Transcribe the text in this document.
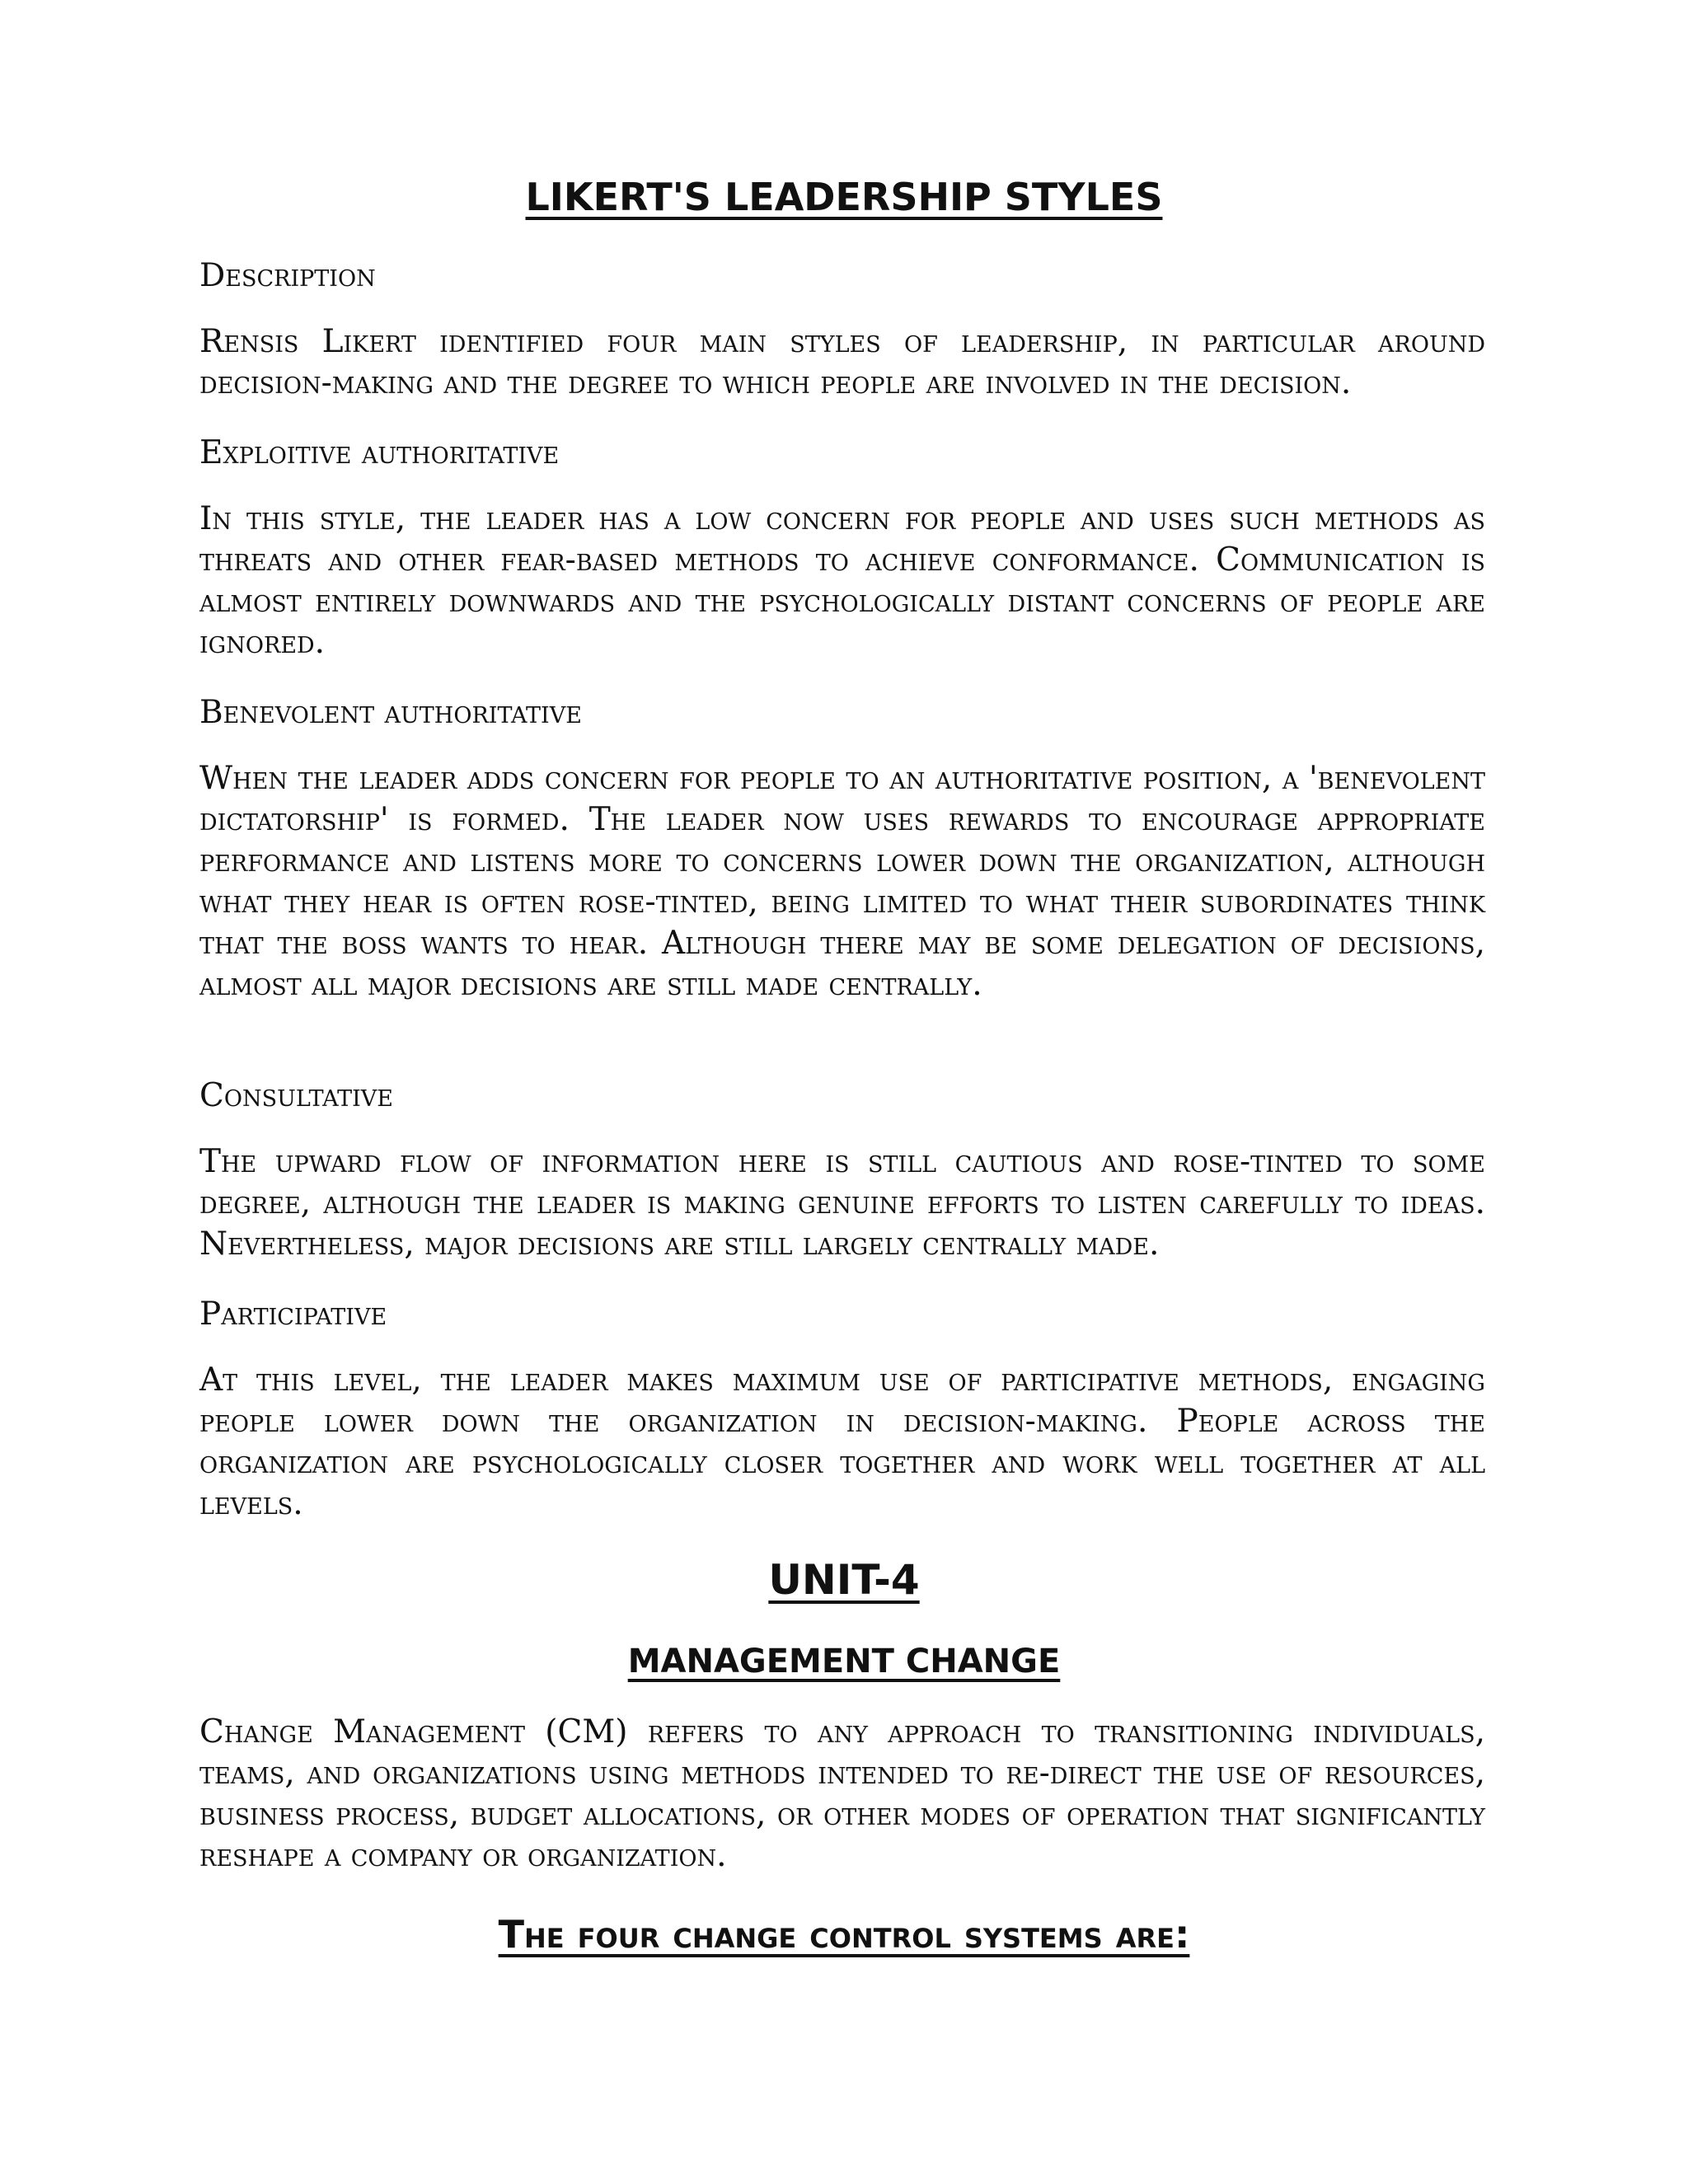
LIKERT'S LEADERSHIP STYLES

Description

Rensis Likert identified four main styles of leadership, in particular around decision-making and the degree to which people are involved in the decision.

Exploitive authoritative

In this style, the leader has a low concern for people and uses such methods as threats and other fear-based methods to achieve conformance. Communication is almost entirely downwards and the psychologically distant concerns of people are ignored.

Benevolent authoritative

When the leader adds concern for people to an authoritative position, a 'benevolent dictatorship' is formed. The leader now uses rewards to encourage appropriate performance and listens more to concerns lower down the organization, although what they hear is often rose-tinted, being limited to what their subordinates think that the boss wants to hear. Although there may be some delegation of decisions, almost all major decisions are still made centrally.

Consultative

The upward flow of information here is still cautious and rose-tinted to some degree, although the leader is making genuine efforts to listen carefully to ideas. Nevertheless, major decisions are still largely centrally made.

Participative

At this level, the leader makes maximum use of participative methods, engaging people lower down the organization in decision-making. People across the organization are psychologically closer together and work well together at all levels.

UNIT-4
MANAGEMENT CHANGE

Change Management (CM) refers to any approach to transitioning individuals, teams, and organizations using methods intended to re-direct the use of resources, business process, budget allocations, or other modes of operation that significantly reshape a company or organization.

The four change control systems are:
